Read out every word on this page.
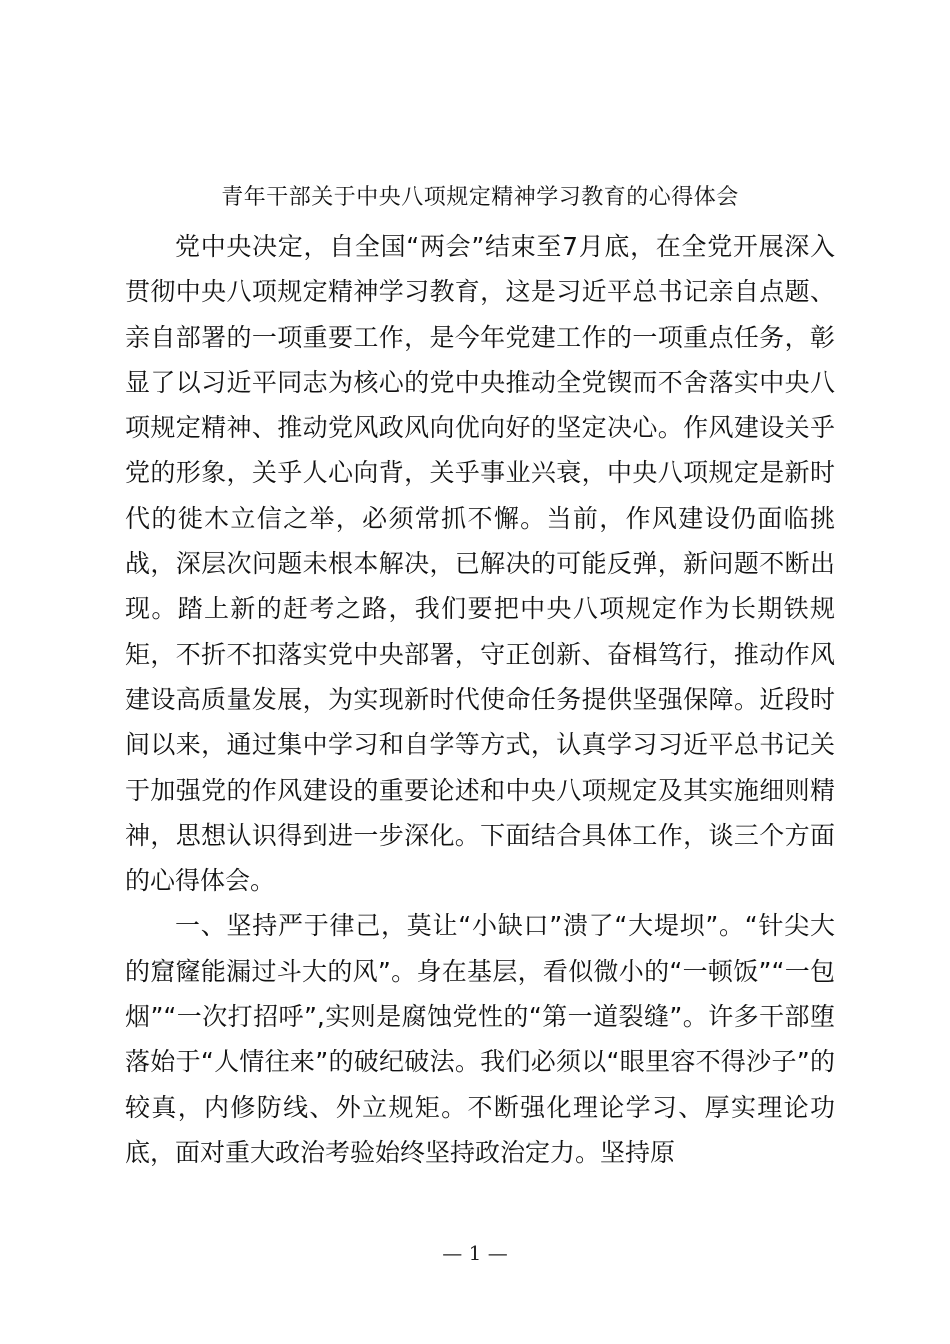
青年干部关于中央八项规定精神学习教育的心得体会

党中央决定，自全国“两会”结束至7月底，在全党开展深入贯彻中央八项规定精神学习教育，这是习近平总书记亲自点题、亲自部署的一项重要工作，是今年党建工作的一项重点任务，彰显了以习近平同志为核心的党中央推动全党锲而不舍落实中央八项规定精神、推动党风政风向优向好的坚定决心。作风建设关乎党的形象，关乎人心向背，关乎事业兴衰，中央八项规定是新时代的徙木立信之举，必须常抓不懈。当前，作风建设仍面临挑战，深层次问题未根本解决，已解决的可能反弹，新问题不断出现。踏上新的赶考之路，我们要把中央八项规定作为长期铁规矩，不折不扣落实党中央部署，守正创新、奋楫笃行，推动作风建设高质量发展，为实现新时代使命任务提供坚强保障。近段时间以来，通过集中学习和自学等方式，认真学习习近平总书记关于加强党的作风建设的重要论述和中央八项规定及其实施细则精神，思想认识得到进一步深化。下面结合具体工作，谈三个方面的心得体会。

一、坚持严于律己，莫让“小缺口”溃了“大堤坝”。“针尖大的窟窿能漏过斗大的风”。身在基层，看似微小的“一顿饭”“一包烟”“一次打招呼”,实则是腐蚀党性的“第一道裂缝”。许多干部堕落始于“人情往来”的破纪破法。我们必须以“眼里容不得沙子”的较真，内修防线、外立规矩。不断强化理论学习、厚实理论功底，面对重大政治考验始终坚持政治定力。坚持原

— 1 —
